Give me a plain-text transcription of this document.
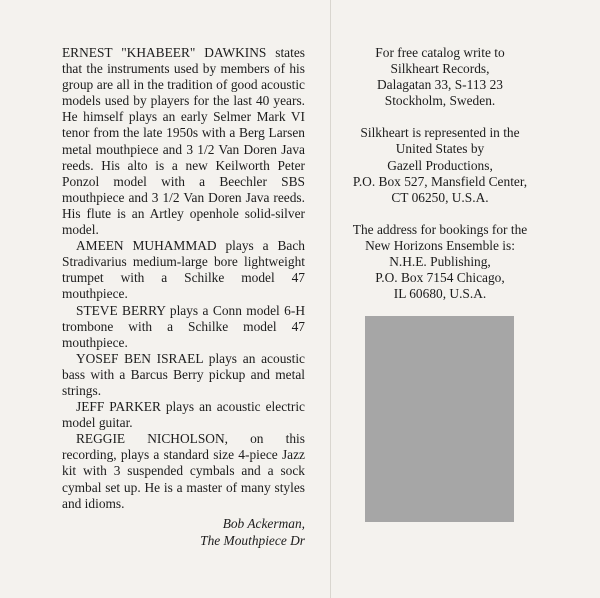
ERNEST "KHABEER" DAWKINS states that the instruments used by members of his group are all in the tradition of good acoustic models used by players for the last 40 years. He himself plays an early Selmer Mark VI tenor from the late 1950s with a Berg Larsen metal mouthpiece and 3 1/2 Van Doren Java reeds. His alto is a new Keilworth Peter Ponzol model with a Beechler SBS mouthpiece and 3 1/2 Van Doren Java reeds. His flute is an Artley openhole solid-silver model.

AMEEN MUHAMMAD plays a Bach Stradivarius medium-large bore lightweight trumpet with a Schilke model 47 mouthpiece.

STEVE BERRY plays a Conn model 6-H trombone with a Schilke model 47 mouthpiece.

YOSEF BEN ISRAEL plays an acoustic bass with a Barcus Berry pickup and metal strings.

JEFF PARKER plays an acoustic electric model guitar.

REGGIE NICHOLSON, on this recording, plays a standard size 4-piece Jazz kit with 3 suspended cymbals and a sock cymbal set up. He is a master of many styles and idioms.

Bob Ackerman,
The Mouthpiece Dr
For free catalog write to
Silkheart Records,
Dalagatan 33, S-113 23
Stockholm, Sweden.
Silkheart is represented in the
United States by
Gazell Productions,
P.O. Box 527, Mansfield Center,
CT 06250, U.S.A.
The address for bookings for the
New Horizons Ensemble is:
N.H.E. Publishing,
P.O. Box 7154 Chicago,
IL 60680, U.S.A.
